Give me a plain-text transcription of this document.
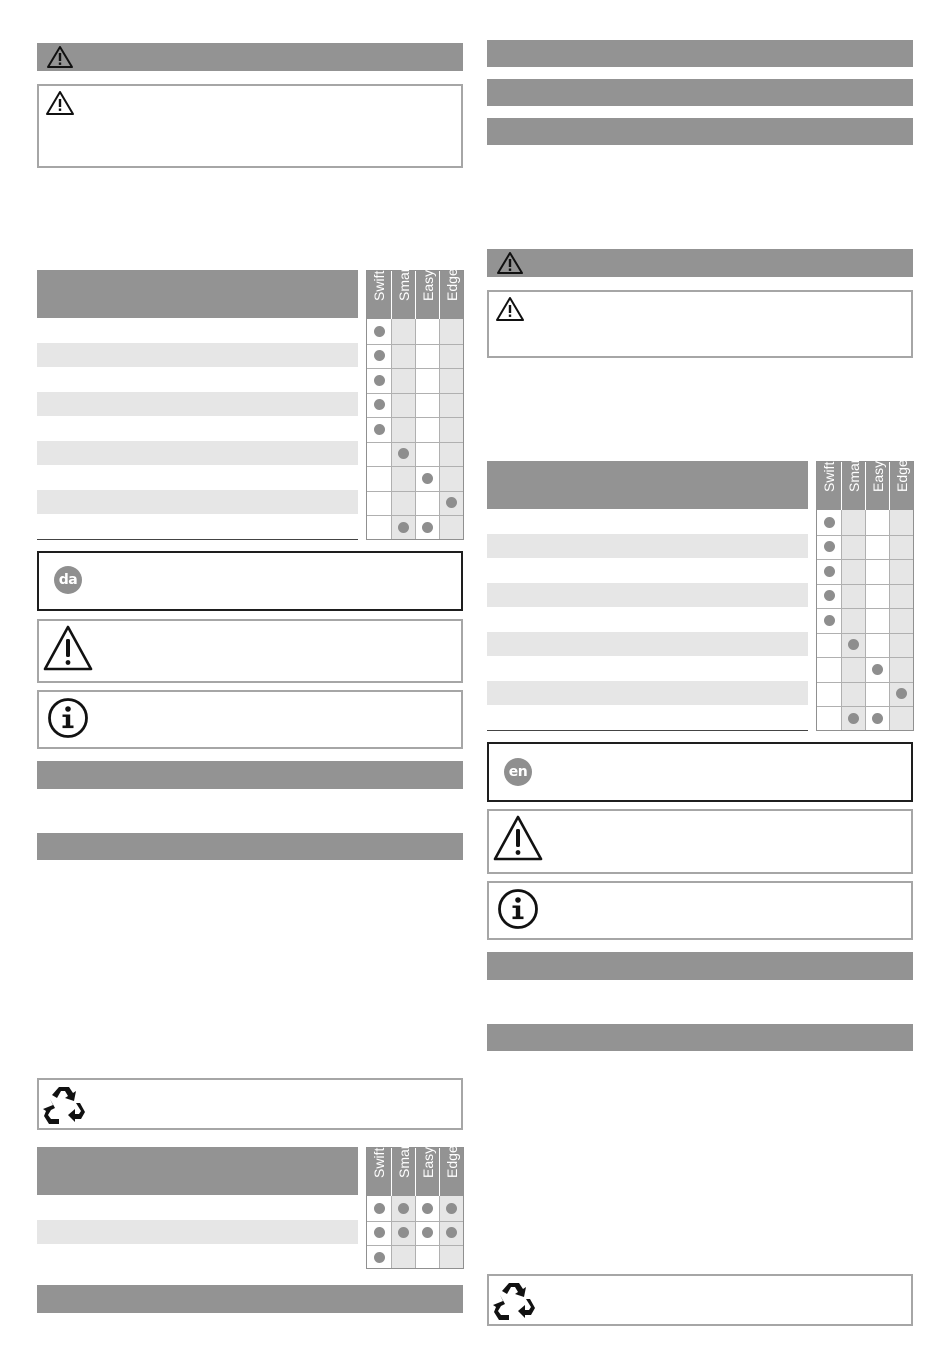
Swift Smart Easy Edge
da
Swift Smart Easy Edge
Swift Smart Easy Edge
en
